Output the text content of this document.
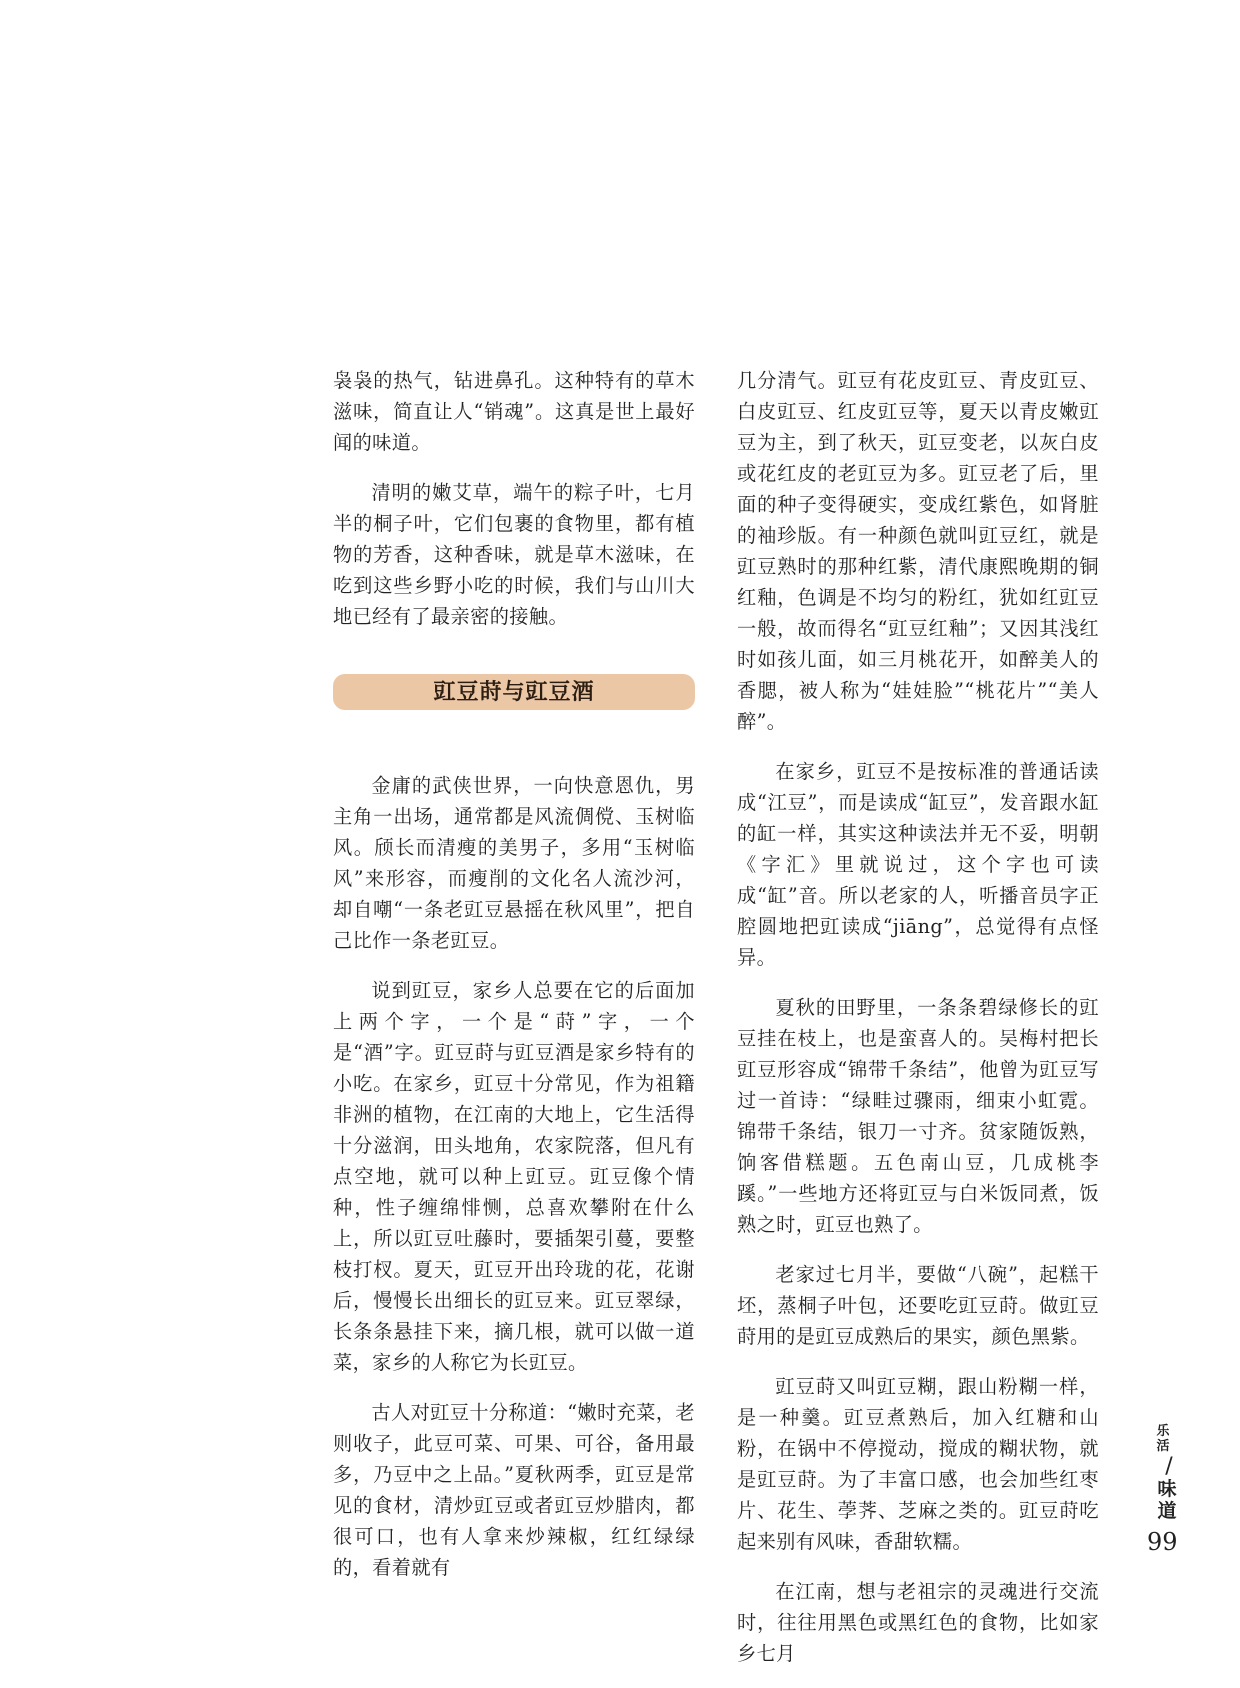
袅袅的热气，钻进鼻孔。这种特有的草木滋味，简直让人“销魂”。这真是世上最好闻的味道。

清明的嫩艾草，端午的粽子叶，七月半的桐子叶，它们包裹的食物里，都有植物的芳香，这种香味，就是草木滋味，在吃到这些乡野小吃的时候，我们与山川大地已经有了最亲密的接触。

豇豆莳与豇豆酒

金庸的武侠世界，一向快意恩仇，男主角一出场，通常都是风流倜傥、玉树临风。颀长而清瘦的美男子，多用“玉树临风”来形容，而瘦削的文化名人流沙河，却自嘲“一条老豇豆悬摇在秋风里”，把自己比作一条老豇豆。

说到豇豆，家乡人总要在它的后面加上两个字，一个是“莳”字，一个是“酒”字。豇豆莳与豇豆酒是家乡特有的小吃。在家乡，豇豆十分常见，作为祖籍非洲的植物，在江南的大地上，它生活得十分滋润，田头地角，农家院落，但凡有点空地，就可以种上豇豆。豇豆像个情种，性子缠绵悱恻，总喜欢攀附在什么上，所以豇豆吐藤时，要插架引蔓，要整枝打杈。夏天，豇豆开出玲珑的花，花谢后，慢慢长出细长的豇豆来。豇豆翠绿，长条条悬挂下来，摘几根，就可以做一道菜，家乡的人称它为长豇豆。

古人对豇豆十分称道：“嫩时充菜，老则收子，此豆可菜、可果、可谷，备用最多，乃豆中之上品。”夏秋两季，豇豆是常见的食材，清炒豇豆或者豇豆炒腊肉，都很可口，也有人拿来炒辣椒，红红绿绿的，看着就有

几分清气。豇豆有花皮豇豆、青皮豇豆、白皮豇豆、红皮豇豆等，夏天以青皮嫩豇豆为主，到了秋天，豇豆变老，以灰白皮或花红皮的老豇豆为多。豇豆老了后，里面的种子变得硬实，变成红紫色，如肾脏的袖珍版。有一种颜色就叫豇豆红，就是豇豆熟时的那种红紫，清代康熙晚期的铜红釉，色调是不均匀的粉红，犹如红豇豆一般，故而得名“豇豆红釉”；又因其浅红时如孩儿面，如三月桃花开，如醉美人的香腮，被人称为“娃娃脸”“桃花片”“美人醉”。

在家乡，豇豆不是按标准的普通话读成“江豆”，而是读成“缸豆”，发音跟水缸的缸一样，其实这种读法并无不妥，明朝《字汇》里就说过，这个字也可读成“缸”音。所以老家的人，听播音员字正腔圆地把豇读成“jiāng”，总觉得有点怪异。

夏秋的田野里，一条条碧绿修长的豇豆挂在枝上，也是蛮喜人的。吴梅村把长豇豆形容成“锦带千条结”，他曾为豇豆写过一首诗：“绿畦过骤雨，细束小虹霓。锦带千条结，银刀一寸齐。贫家随饭熟，饷客借糕题。五色南山豆，几成桃李蹊。”一些地方还将豇豆与白米饭同煮，饭熟之时，豇豆也熟了。

老家过七月半，要做“八碗”，起糕干坯，蒸桐子叶包，还要吃豇豆莳。做豇豆莳用的是豇豆成熟后的果实，颜色黑紫。

豇豆莳又叫豇豆糊，跟山粉糊一样，是一种羹。豇豆煮熟后，加入红糖和山粉，在锅中不停搅动，搅成的糊状物，就是豇豆莳。为了丰富口感，也会加些红枣片、花生、荸荠、芝麻之类的。豇豆莳吃起来别有风味，香甜软糯。

在江南，想与老祖宗的灵魂进行交流时，往往用黑色或黑红色的食物，比如家乡七月

乐活
/
味道
99
